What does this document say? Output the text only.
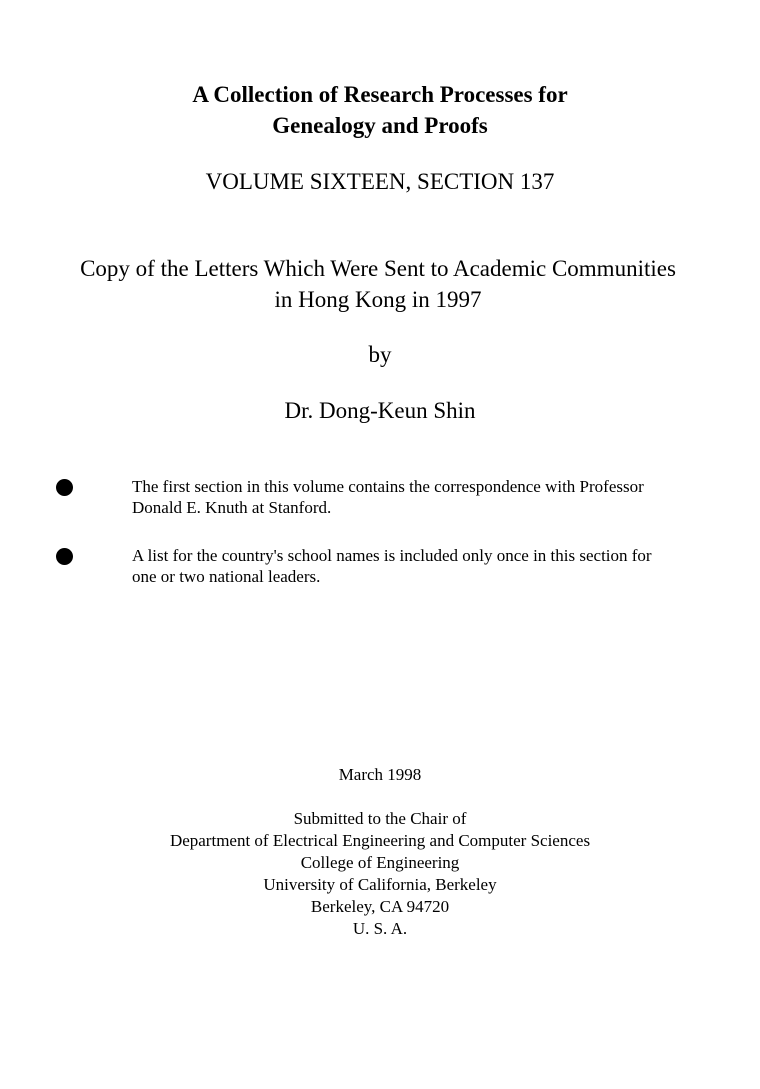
A Collection of Research Processes for
Genealogy and Proofs
VOLUME SIXTEEN, SECTION 137
Copy of the Letters Which Were Sent to Academic Communities
in Hong Kong in 1997
by
Dr. Dong-Keun Shin
The first section in this volume contains the correspondence with Professor
Donald E. Knuth at Stanford.
A list for the country's school names is included only once in this section for
one or two national leaders.
March 1998
Submitted to the Chair of
Department of Electrical Engineering and Computer Sciences
College of Engineering
University of California, Berkeley
Berkeley, CA 94720
U. S. A.
